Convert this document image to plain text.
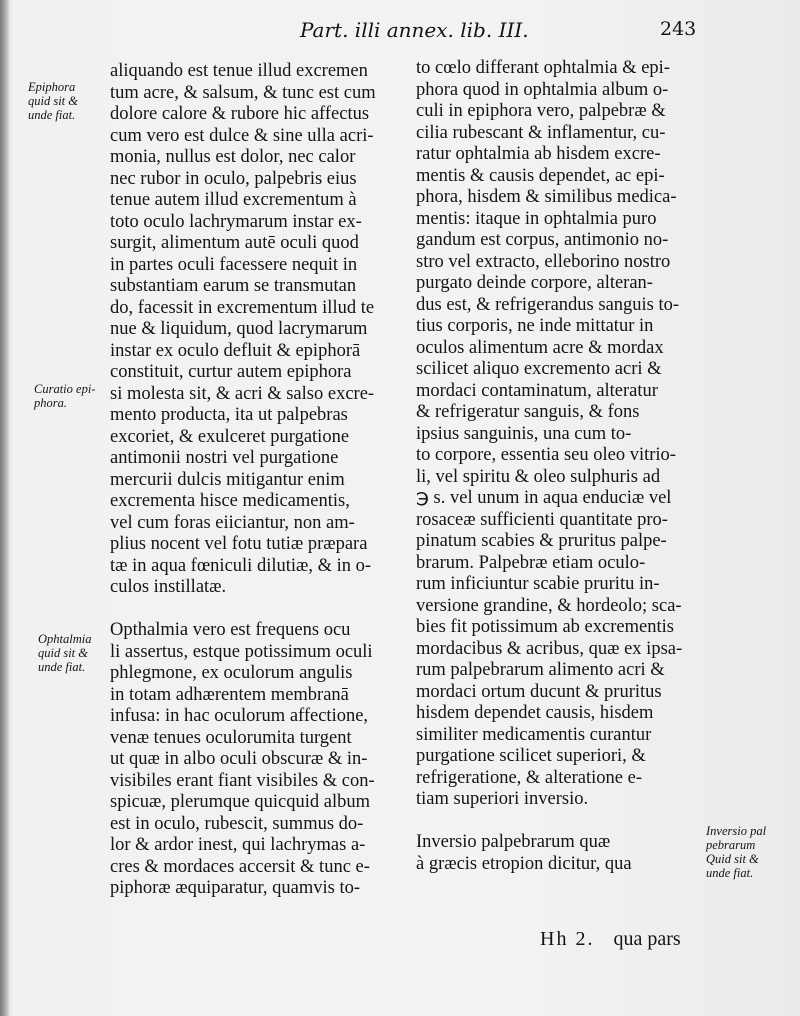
Part. illi annex. lib. III.	243
Epiphora
quid sit &
unde fiat.
Curatio epi-
phora.
Ophtalmia
quid sit &
unde fiat.
Inversio pal
pebrarum
Quid sit &
unde fiat.
aliquando est tenue illud excremen
tum acre, & salsum, & tunc est cum
dolore calore & rubore hic affectus
cum vero est dulce & sine ulla acri-
monia, nullus est dolor, nec calor
nec rubor in oculo, palpebris eius
tenue autem illud excrementum à
toto oculo lachrymarum instar ex-
surgit, alimentum autē oculi quod
in partes oculi facessere nequit in
substantiam earum se transmutan
do, facessit in excrementum illud te
nue & liquidum, quod lacrymarum
instar ex oculo defluit & epiphorā
constituit, curtur autem epiphora
si molesta sit, & acri & salso excre-
mento producta, ita ut palpebras
excoriet, & exulceret purgatione
antimonii nostri vel purgatione
mercurii dulcis mitigantur enim
excrementa hisce medicamentis,
vel cum foras eiiciantur, non am-
plius nocent vel fotu tutiæ præpara
tæ in aqua fœniculi dilutiæ, & in o-
culos instillatæ.
Opthalmia vero est frequens ocu
li assertus, estque potissimum oculi
phlegmone, ex oculorum angulis
in totam adhærentem membranā
infusa: in hac oculorum affectione,
venæ tenues oculorumita turgent
ut quæ in albo oculi obscuræ & in-
visibiles erant fiant visibiles & con-
spicuæ, plerumque quicquid album
est in oculo, rubescit, summus do-
lor & ardor inest, qui lachrymas a-
cres & mordaces accersit & tunc e-
piphoræ æquiparatur, quamvis to-
to cœlo differant ophtalmia & epi-
phora quod in ophtalmia album o-
culi in epiphora vero, palpebræ &
cilia rubescant & inflamentur, cu-
ratur ophtalmia ab hisdem excre-
mentis & causis dependet, ac epi-
phora, hisdem & similibus medica-
mentis: itaque in ophtalmia puro
gandum est corpus, antimonio no-
stro vel extracto, elleborino nostro
purgato deinde corpore, alteran-
dus est, & refrigerandus sanguis to-
tius corporis, ne inde mittatur in
oculos alimentum acre & mordax
scilicet aliquo excremento acri &
mordaci contaminatum, alteratur
& refrigeratur sanguis, & fons
ipsius sanguinis, una cum to-
to corpore, essentia seu oleo vitrio-
li, vel spiritu & oleo sulphuris ad
℈ s. vel unum in aqua enduciæ vel
rosaceæ sufficienti quantitate pro-
pinatum scabies & pruritus palpe-
brarum. Palpebræ etiam oculo-
rum inficiuntur scabie pruritu in-
versione grandine, & hordeolo; sca-
bies fit potissimum ab excrementis
mordacibus & acribus, quæ ex ipsa-
rum palpebrarum alimento acri &
mordaci ortum ducunt & pruritus
hisdem dependet causis, hisdem
similiter medicamentis curantur
purgatione scilicet superiori, &
refrigeratione, & alteratione e-
tiam superiori inversio.
Inversio palpebrarum quæ
à græcis etropion dicitur, qua
Hh 2. qua pars
